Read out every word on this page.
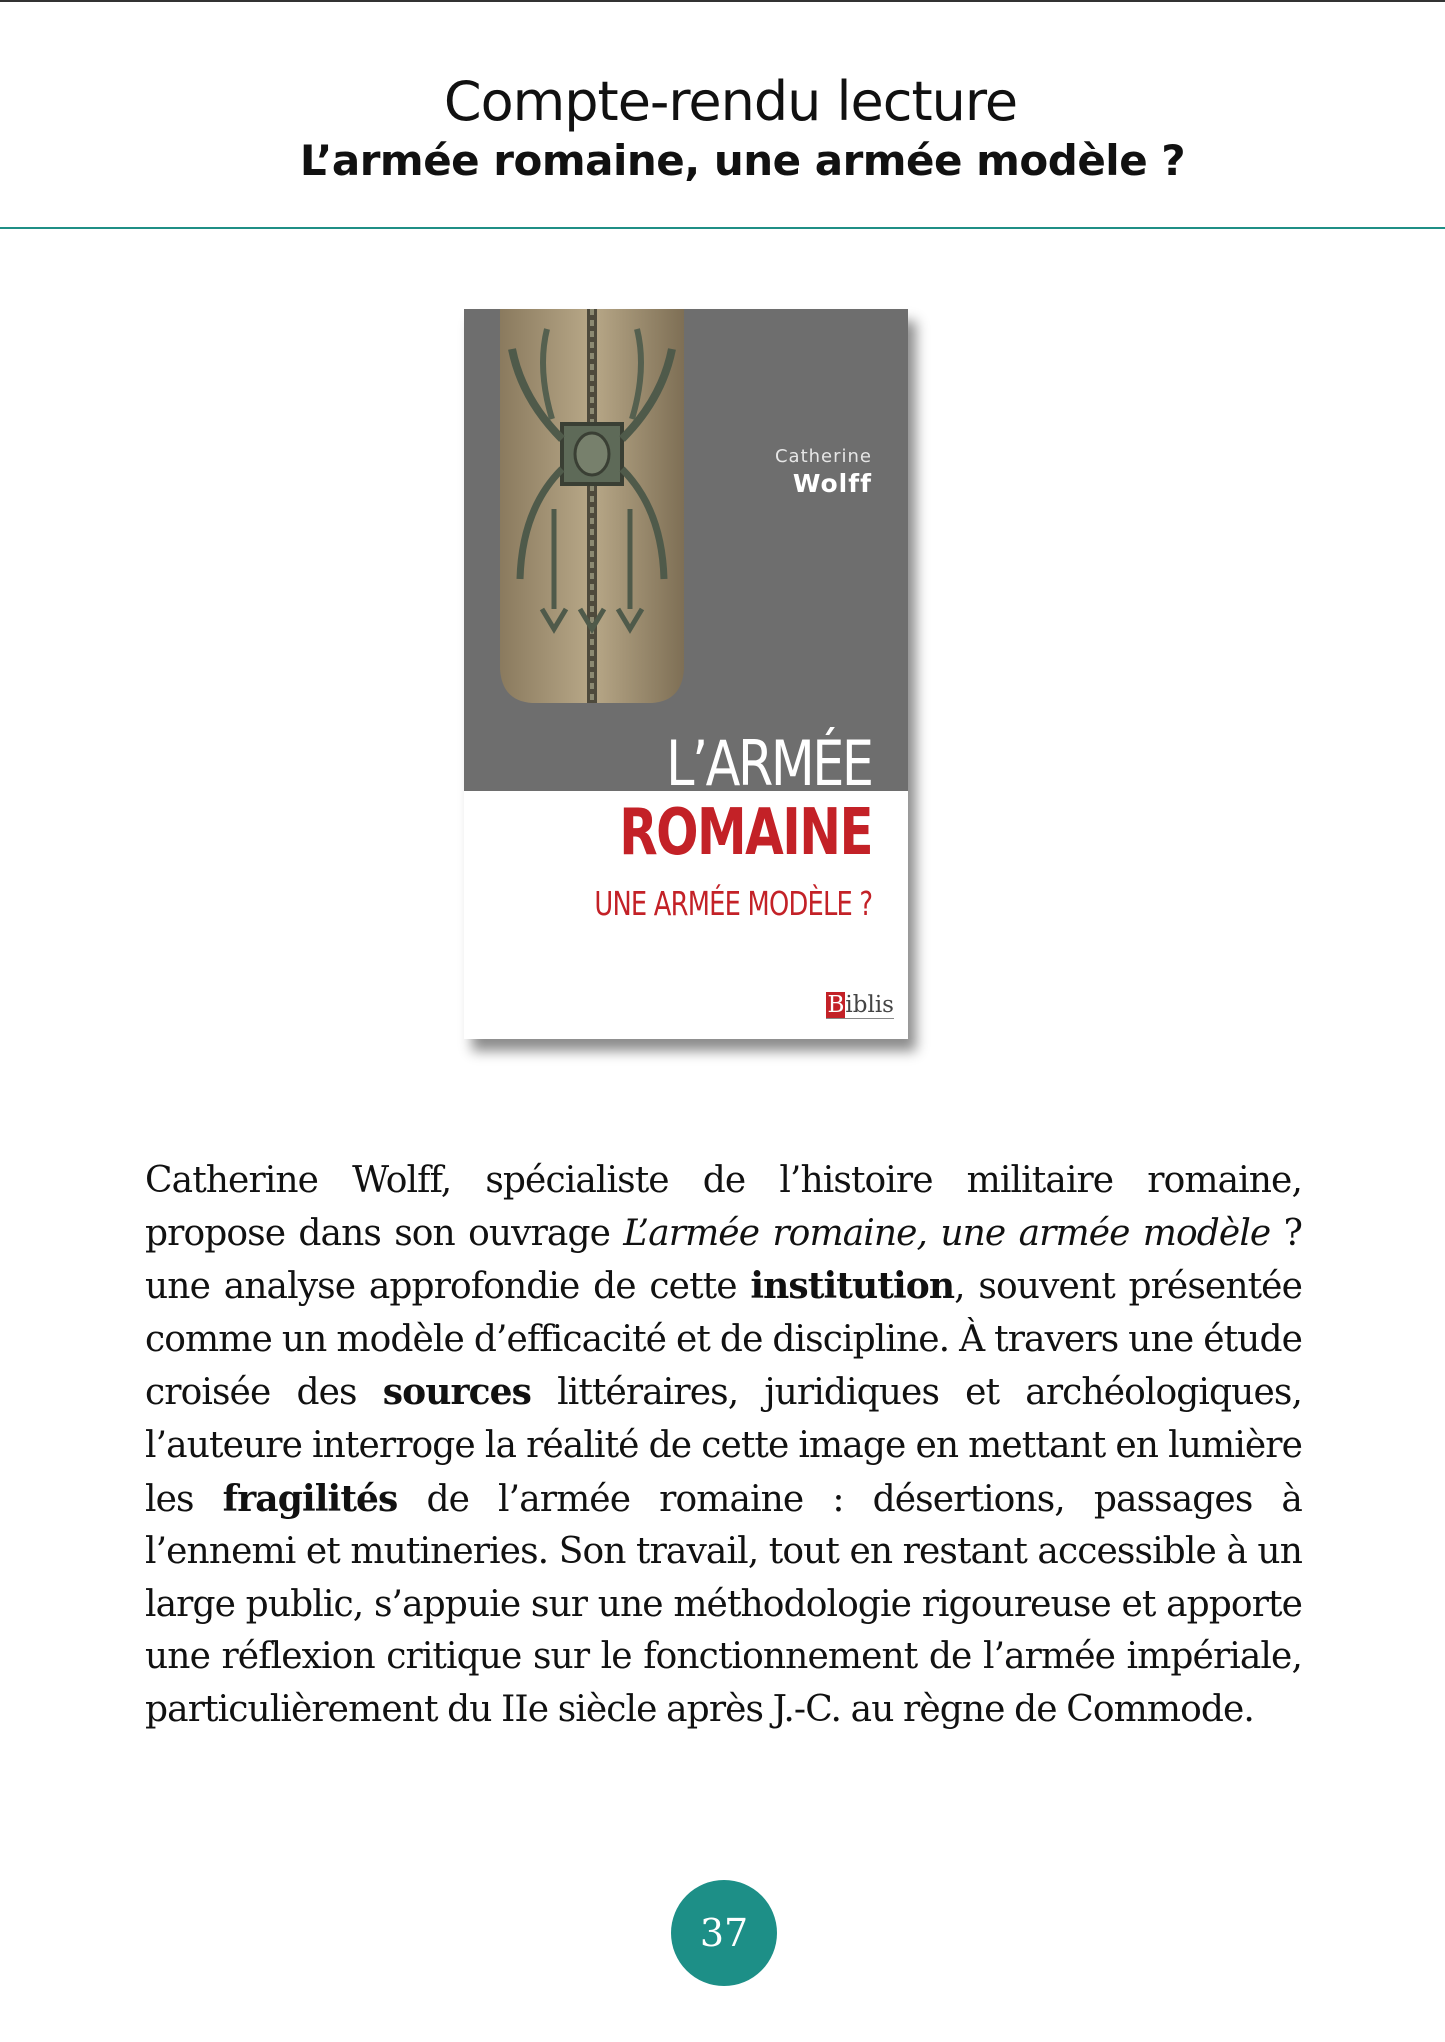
Compte-rendu lecture
L’armée romaine, une armée modèle ?
Catherine
Wolff
L’ARMÉE
ROMAINE
UNE ARMÉE MODÈLE ?
Biblis

Catherine Wolff, spécialiste de l’histoire militaire romaine, propose dans son ouvrage L’armée romaine, une armée modèle ? une analyse approfondie de cette institution, souvent présentée comme un modèle d’efficacité et de discipline. À travers une étude croisée des sources littéraires, juridiques et archéologiques, l’auteure interroge la réalité de cette image en mettant en lumière les fragilités de l’armée romaine : désertions, passages à l’ennemi et mutineries. Son travail, tout en restant accessible à un large public, s’appuie sur une méthodologie rigoureuse et apporte une réflexion critique sur le fonctionnement de l’armée impériale, particulièrement du IIe siècle après J.-C. au règne de Commode.

37
